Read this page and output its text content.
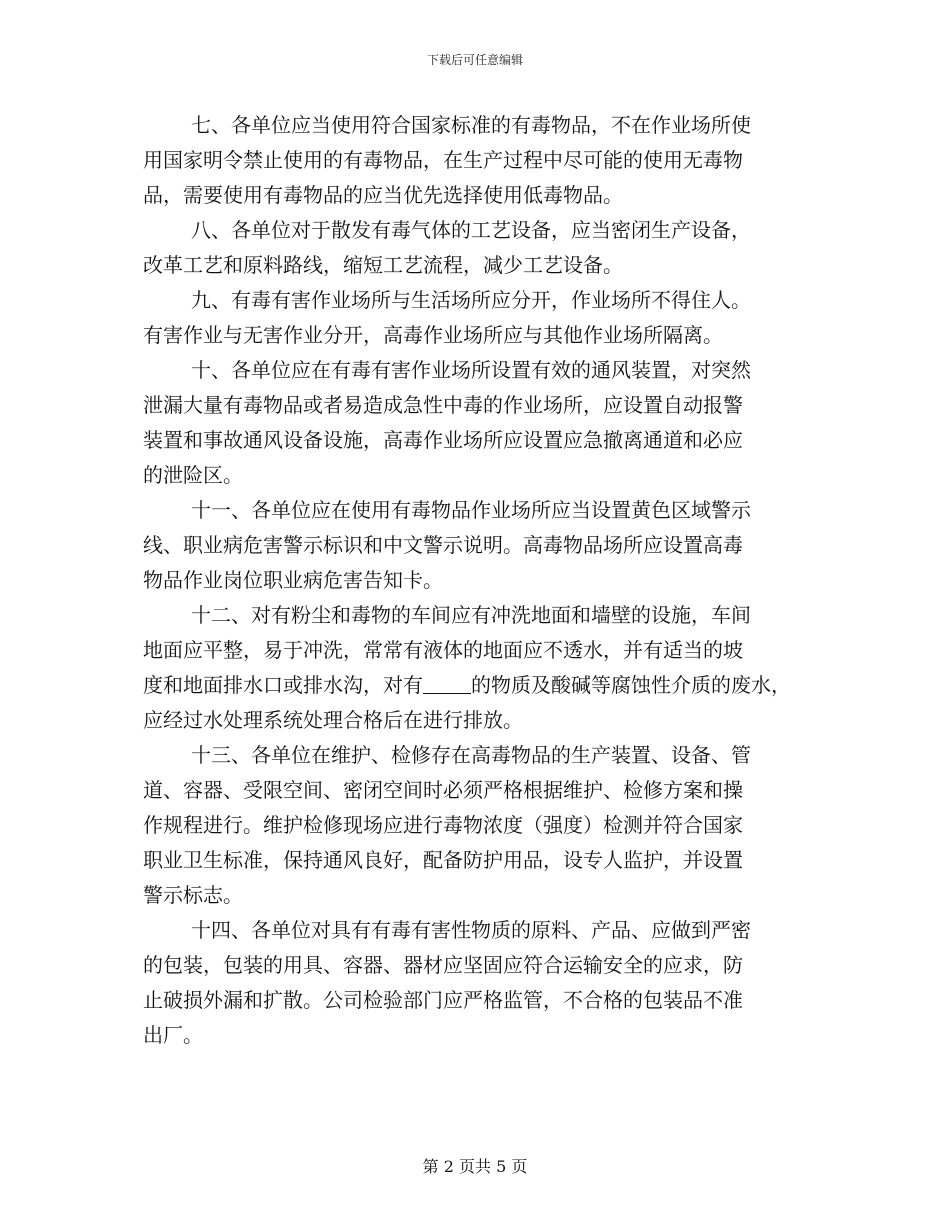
下载后可任意编辑
七、各单位应当使用符合国家标准的有毒物品，不在作业场所使
用国家明令禁止使用的有毒物品，在生产过程中尽可能的使用无毒物
品，需要使用有毒物品的应当优先选择使用低毒物品。
八、各单位对于散发有毒气体的工艺设备，应当密闭生产设备，
改革工艺和原料路线，缩短工艺流程，减少工艺设备。
九、有毒有害作业场所与生活场所应分开，作业场所不得住人。
有害作业与无害作业分开，高毒作业场所应与其他作业场所隔离。
十、各单位应在有毒有害作业场所设置有效的通风装置，对突然
泄漏大量有毒物品或者易造成急性中毒的作业场所，应设置自动报警
装置和事故通风设备设施，高毒作业场所应设置应急撤离通道和必应
的泄险区。
十一、各单位应在使用有毒物品作业场所应当设置黄色区域警示
线、职业病危害警示标识和中文警示说明。高毒物品场所应设置高毒
物品作业岗位职业病危害告知卡。
十二、对有粉尘和毒物的车间应有冲洗地面和墙壁的设施，车间
地面应平整，易于冲洗，常常有液体的地面应不透水，并有适当的坡
度和地面排水口或排水沟，对有 的物质及酸碱等腐蚀性介质的废水，
应经过水处理系统处理合格后在进行排放。
十三、各单位在维护、检修存在高毒物品的生产装置、设备、管
道、容器、受限空间、密闭空间时必须严格根据维护、检修方案和操
作规程进行。维护检修现场应进行毒物浓度（强度）检测并符合国家
职业卫生标准，保持通风良好，配备防护用品，设专人监护，并设置
警示标志。
十四、各单位对具有有毒有害性物质的原料、产品、应做到严密
的包装，包装的用具、容器、器材应坚固应符合运输安全的应求，防
止破损外漏和扩散。公司检验部门应严格监管，不合格的包装品不准
出厂。
第 2 页共 5 页
